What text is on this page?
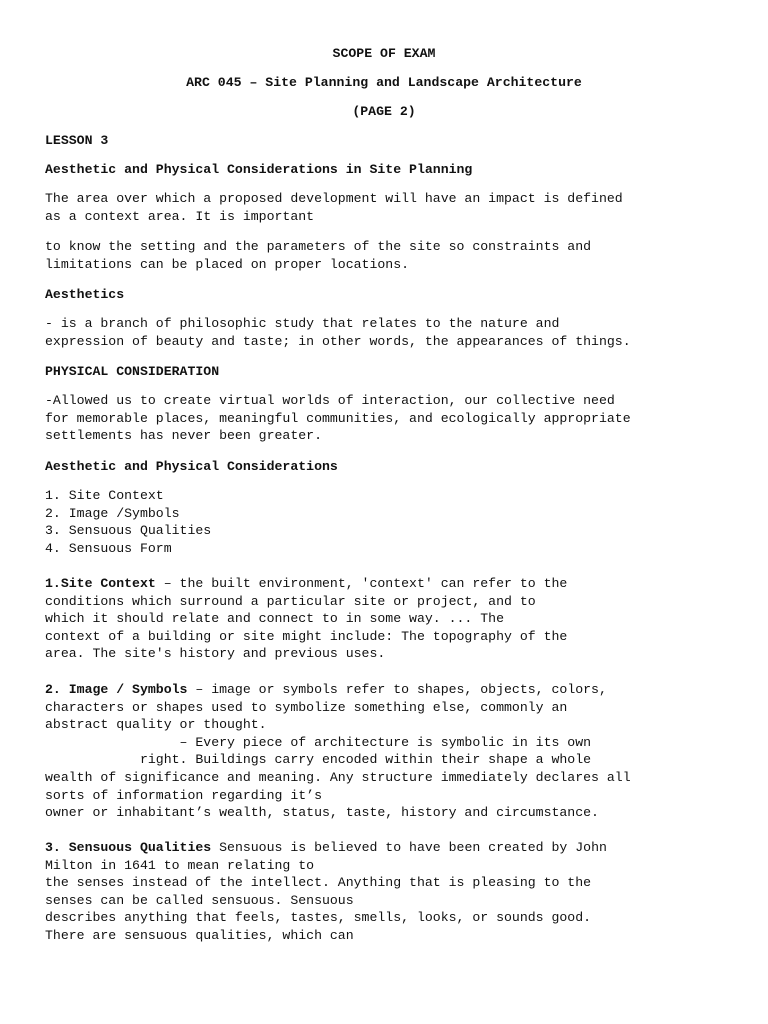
SCOPE OF EXAM
ARC 045 – Site Planning and Landscape Architecture
(PAGE 2)
LESSON 3
Aesthetic and Physical Considerations in Site Planning
The area over which a proposed development will have an impact is defined
as a context area. It is important
to know the setting and the parameters of the site so constraints and
limitations can be placed on proper locations.
Aesthetics
- is a branch of philosophic study that relates to the nature and
expression of beauty and taste; in other words, the appearances of things.
PHYSICAL CONSIDERATION
-Allowed us to create virtual worlds of interaction, our collective need
for memorable places, meaningful communities, and ecologically appropriate
settlements has never been greater.
Aesthetic and Physical Considerations
1. Site Context
2. Image /Symbols
3. Sensuous Qualities
4. Sensuous Form
1.Site Context – the built environment, 'context' can refer to the
conditions which surround a particular site or project, and to
which it should relate and connect to in some way. ... The
context of a building or site might include: The topography of the
area. The site's history and previous uses.
2. Image / Symbols – image or symbols refer to shapes, objects, colors,
characters or shapes used to symbolize something else, commonly an
abstract quality or thought.
– Every piece of architecture is symbolic in its own
right. Buildings carry encoded within their shape a whole
wealth of significance and meaning. Any structure immediately declares all
sorts of information regarding it’s
owner or inhabitant’s wealth, status, taste, history and circumstance.
3. Sensuous Qualities Sensuous is believed to have been created by John
Milton in 1641 to mean relating to
the senses instead of the intellect. Anything that is pleasing to the
senses can be called sensuous. Sensuous
describes anything that feels, tastes, smells, looks, or sounds good.
There are sensuous qualities, which can
